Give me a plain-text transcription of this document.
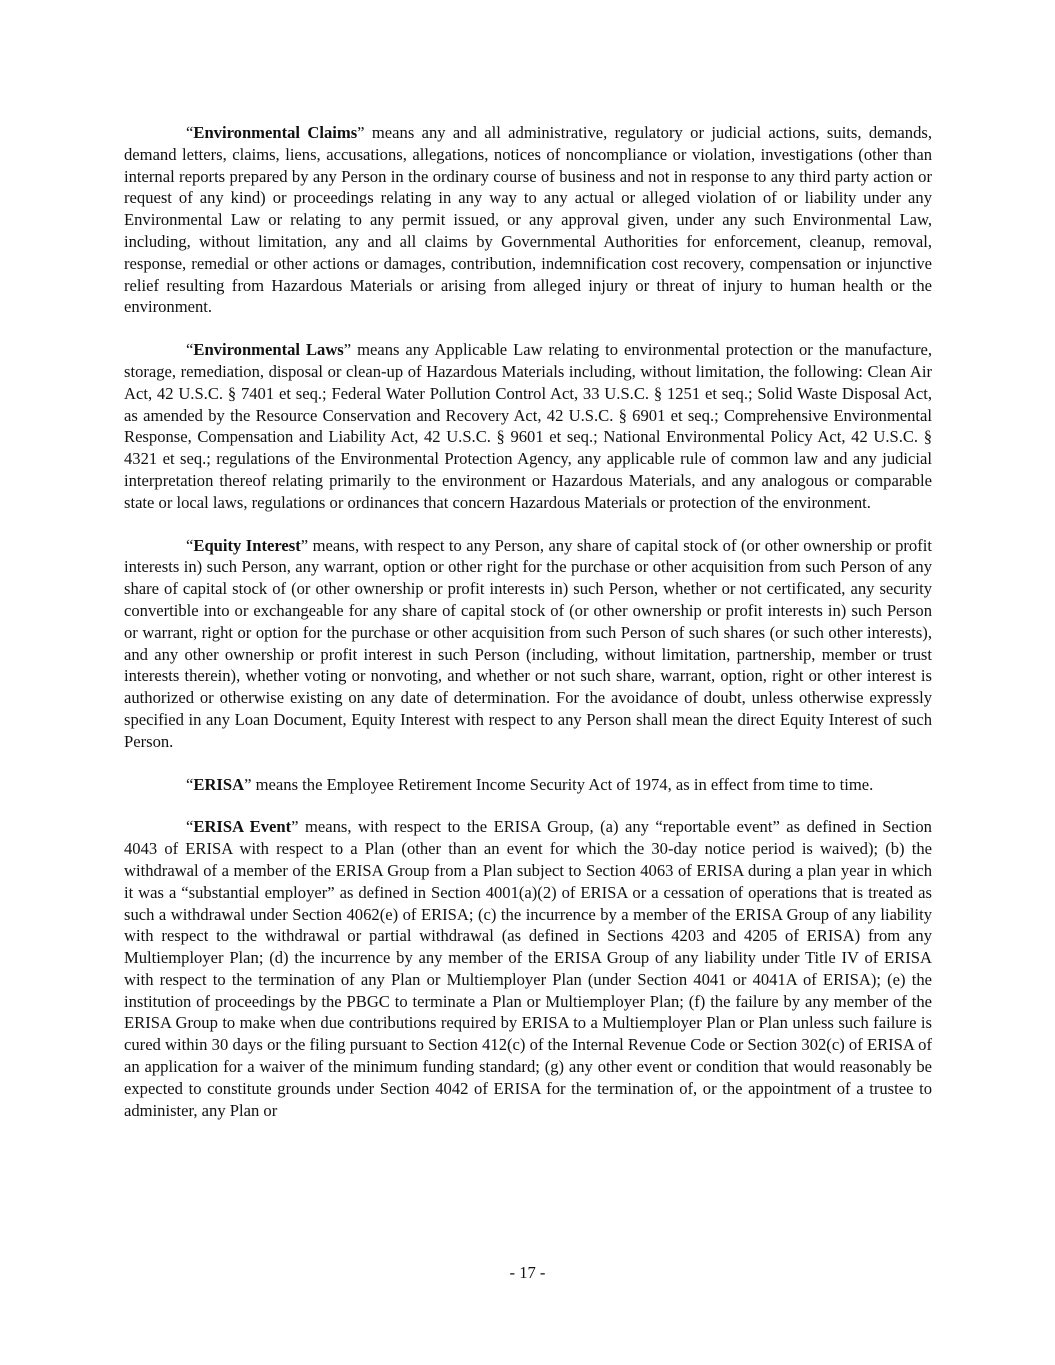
“Environmental Claims” means any and all administrative, regulatory or judicial actions, suits, demands, demand letters, claims, liens, accusations, allegations, notices of noncompliance or violation, investigations (other than internal reports prepared by any Person in the ordinary course of business and not in response to any third party action or request of any kind) or proceedings relating in any way to any actual or alleged violation of or liability under any Environmental Law or relating to any permit issued, or any approval given, under any such Environmental Law, including, without limitation, any and all claims by Governmental Authorities for enforcement, cleanup, removal, response, remedial or other actions or damages, contribution, indemnification cost recovery, compensation or injunctive relief resulting from Hazardous Materials or arising from alleged injury or threat of injury to human health or the environment.

“Environmental Laws” means any Applicable Law relating to environmental protection or the manufacture, storage, remediation, disposal or clean-up of Hazardous Materials including, without limitation, the following: Clean Air Act, 42 U.S.C. § 7401 et seq.; Federal Water Pollution Control Act, 33 U.S.C. § 1251 et seq.; Solid Waste Disposal Act, as amended by the Resource Conservation and Recovery Act, 42 U.S.C. § 6901 et seq.; Comprehensive Environmental Response, Compensation and Liability Act, 42 U.S.C. § 9601 et seq.; National Environmental Policy Act, 42 U.S.C. § 4321 et seq.; regulations of the Environmental Protection Agency, any applicable rule of common law and any judicial interpretation thereof relating primarily to the environment or Hazardous Materials, and any analogous or comparable state or local laws, regulations or ordinances that concern Hazardous Materials or protection of the environment.

“Equity Interest” means, with respect to any Person, any share of capital stock of (or other ownership or profit interests in) such Person, any warrant, option or other right for the purchase or other acquisition from such Person of any share of capital stock of (or other ownership or profit interests in) such Person, whether or not certificated, any security convertible into or exchangeable for any share of capital stock of (or other ownership or profit interests in) such Person or warrant, right or option for the purchase or other acquisition from such Person of such shares (or such other interests), and any other ownership or profit interest in such Person (including, without limitation, partnership, member or trust interests therein), whether voting or nonvoting, and whether or not such share, warrant, option, right or other interest is authorized or otherwise existing on any date of determination. For the avoidance of doubt, unless otherwise expressly specified in any Loan Document, Equity Interest with respect to any Person shall mean the direct Equity Interest of such Person.

“ERISA” means the Employee Retirement Income Security Act of 1974, as in effect from time to time.

“ERISA Event” means, with respect to the ERISA Group, (a) any “reportable event” as defined in Section 4043 of ERISA with respect to a Plan (other than an event for which the 30-day notice period is waived); (b) the withdrawal of a member of the ERISA Group from a Plan subject to Section 4063 of ERISA during a plan year in which it was a “substantial employer” as defined in Section 4001(a)(2) of ERISA or a cessation of operations that is treated as such a withdrawal under Section 4062(e) of ERISA; (c) the incurrence by a member of the ERISA Group of any liability with respect to the withdrawal or partial withdrawal (as defined in Sections 4203 and 4205 of ERISA) from any Multiemployer Plan; (d) the incurrence by any member of the ERISA Group of any liability under Title IV of ERISA with respect to the termination of any Plan or Multiemployer Plan (under Section 4041 or 4041A of ERISA); (e) the institution of proceedings by the PBGC to terminate a Plan or Multiemployer Plan; (f) the failure by any member of the ERISA Group to make when due contributions required by ERISA to a Multiemployer Plan or Plan unless such failure is cured within 30 days or the filing pursuant to Section 412(c) of the Internal Revenue Code or Section 302(c) of ERISA of an application for a waiver of the minimum funding standard; (g) any other event or condition that would reasonably be expected to constitute grounds under Section 4042 of ERISA for the termination of, or the appointment of a trustee to administer, any Plan or

- 17 -
